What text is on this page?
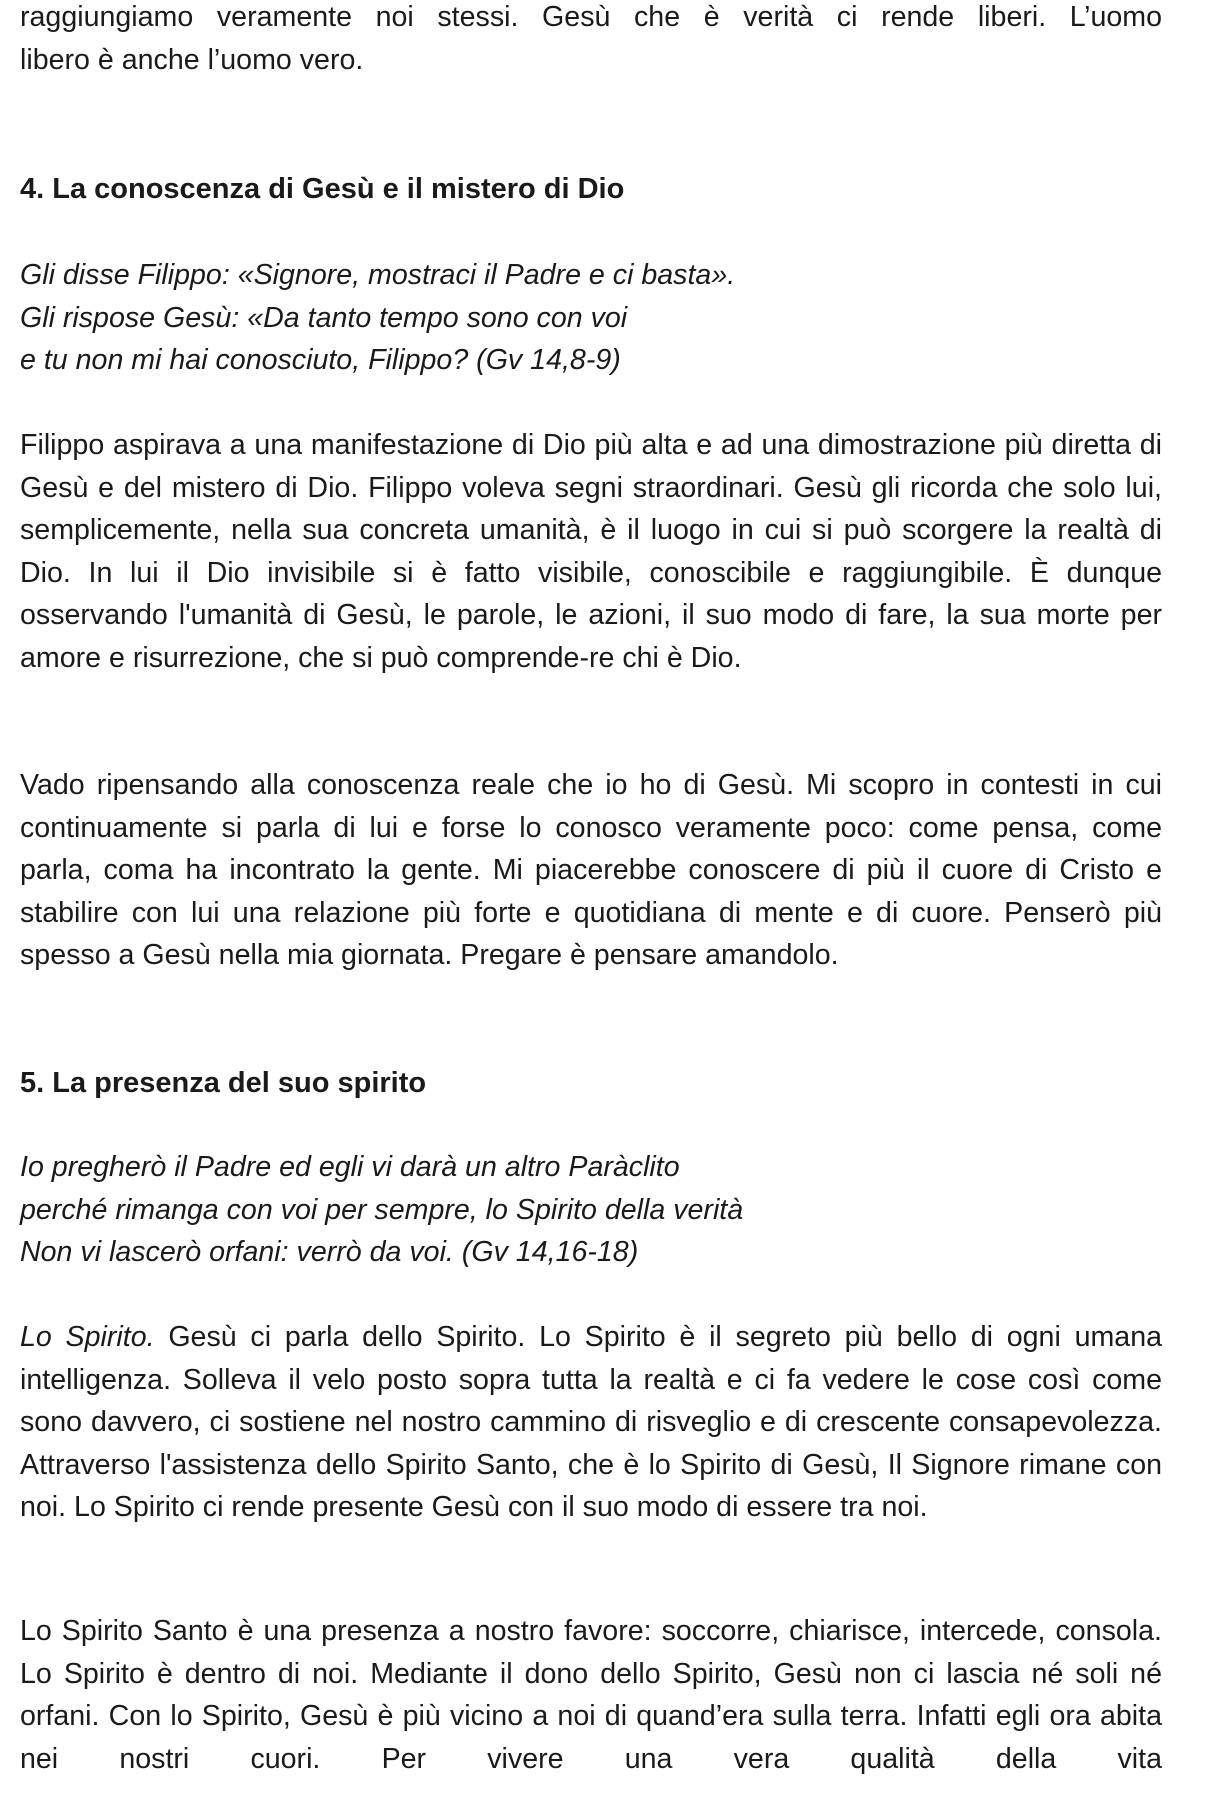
raggiungiamo veramente noi stessi. Gesù che è verità ci rende liberi. L’uomo

libero è anche l’uomo vero.

4. La conoscenza di Gesù e il mistero di Dio

Gli disse Filippo: «Signore, mostraci il Padre e ci basta».

Gli rispose Gesù: «Da tanto tempo sono con voi

e tu non mi hai conosciuto, Filippo? (Gv 14,8-9)

Filippo aspirava a una manifestazione di Dio più alta e ad una dimostrazione più diretta di Gesù e del mistero di Dio. Filippo voleva segni straordinari. Gesù gli ricorda che solo lui, semplicemente, nella sua concreta umanità, è il luogo in cui si può scorgere la realtà di Dio. In lui il Dio invisibile si è fatto visibile, conoscibile e raggiungibile. È dunque osservando l'umanità di Gesù, le parole, le azioni, il suo modo di fare, la sua morte per amore e risurrezione, che si può comprende-re chi è Dio.

Vado ripensando alla conoscenza reale che io ho di Gesù. Mi scopro in contesti in cui continuamente si parla di lui e forse lo conosco veramente poco: come pensa, come parla, coma ha incontrato la gente. Mi piacerebbe conoscere di più il cuore di Cristo e stabilire con lui una relazione più forte e quotidiana di mente e di cuore. Penserò più spesso a Gesù nella mia giornata. Pregare è pensare amandolo.

5. La presenza del suo spirito

Io pregherò il Padre ed egli vi darà un altro Paràclito

perché rimanga con voi per sempre, lo Spirito della verità

Non vi lascerò orfani: verrò da voi. (Gv 14,16-18)

Lo Spirito. Gesù ci parla dello Spirito. Lo Spirito è il segreto più bello di ogni umana intelligenza. Solleva il velo posto sopra tutta la realtà e ci fa vedere le cose così come sono davvero, ci sostiene nel nostro cammino di risveglio e di crescente consapevolezza. Attraverso l'assistenza dello Spirito Santo, che è lo Spirito di Gesù, Il Signore rimane con noi. Lo Spirito ci rende presente Gesù con il suo modo di essere tra noi.

Lo Spirito Santo è una presenza a nostro favore: soccorre, chiarisce, intercede, consola. Lo Spirito è dentro di noi. Mediante il dono dello Spirito, Gesù non ci lascia né soli né orfani. Con lo Spirito, Gesù è più vicino a noi di quand’era sulla terra. Infatti egli ora abita nei nostri cuori. Per vivere una vera qualità della vita
